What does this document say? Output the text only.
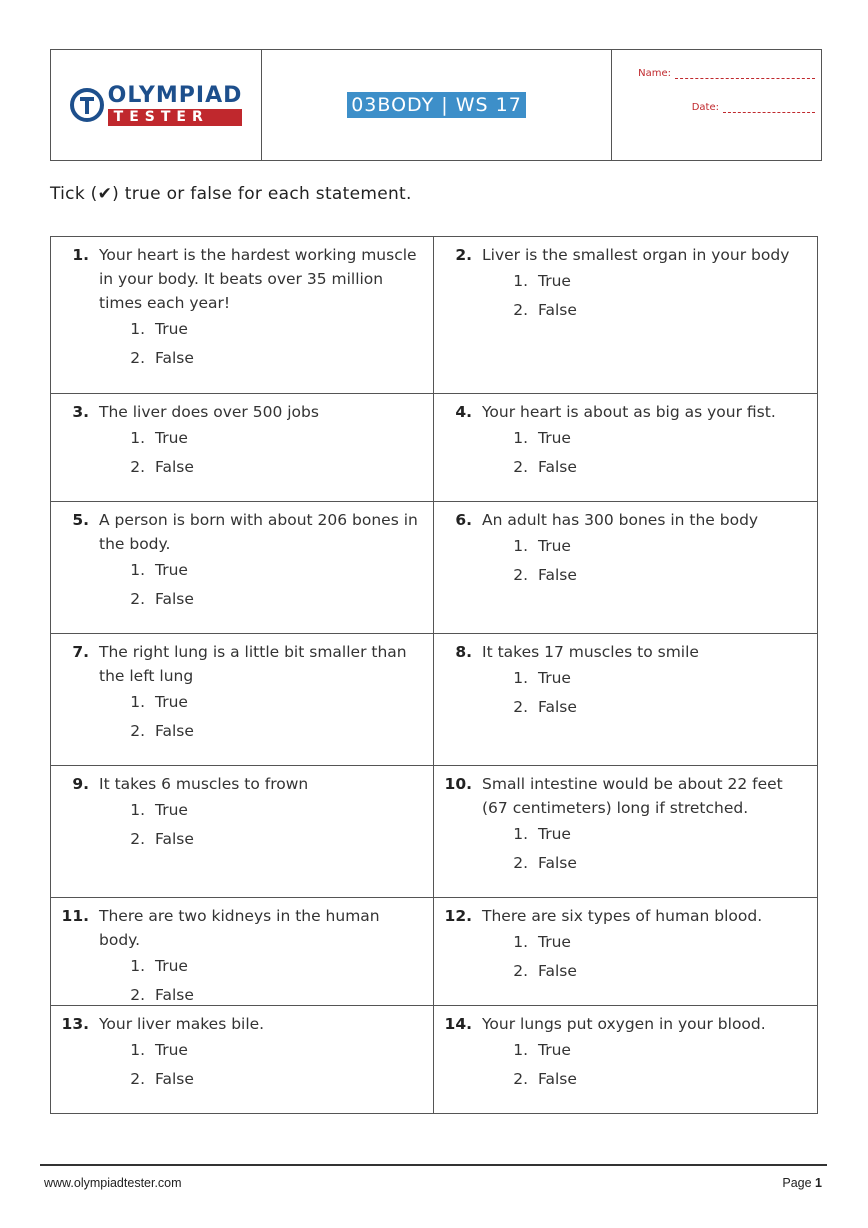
OLYMPIAD
TESTER
03BODY | WS 17
Name:
Date:
Tick (✔) true or false for each statement.
1. Your heart is the hardest working muscle in your body. It beats over 35 million times each year!
1. True
2. False
2. Liver is the smallest organ in your body
1. True
2. False
3. The liver does over 500 jobs
1. True
2. False
4. Your heart is about as big as your fist.
1. True
2. False
5. A person is born with about 206 bones in the body.
1. True
2. False
6. An adult has 300 bones in the body
1. True
2. False
7. The right lung is a little bit smaller than the left lung
1. True
2. False
8. It takes 17 muscles to smile
1. True
2. False
9. It takes 6 muscles to frown
1. True
2. False
10. Small intestine would be about 22 feet (67 centimeters) long if stretched.
1. True
2. False
11. There are two kidneys in the human body.
1. True
2. False
12. There are six types of human blood.
1. True
2. False
13. Your liver makes bile.
1. True
2. False
14. Your lungs put oxygen in your blood.
1. True
2. False
www.olympiadtester.com	Page 1
